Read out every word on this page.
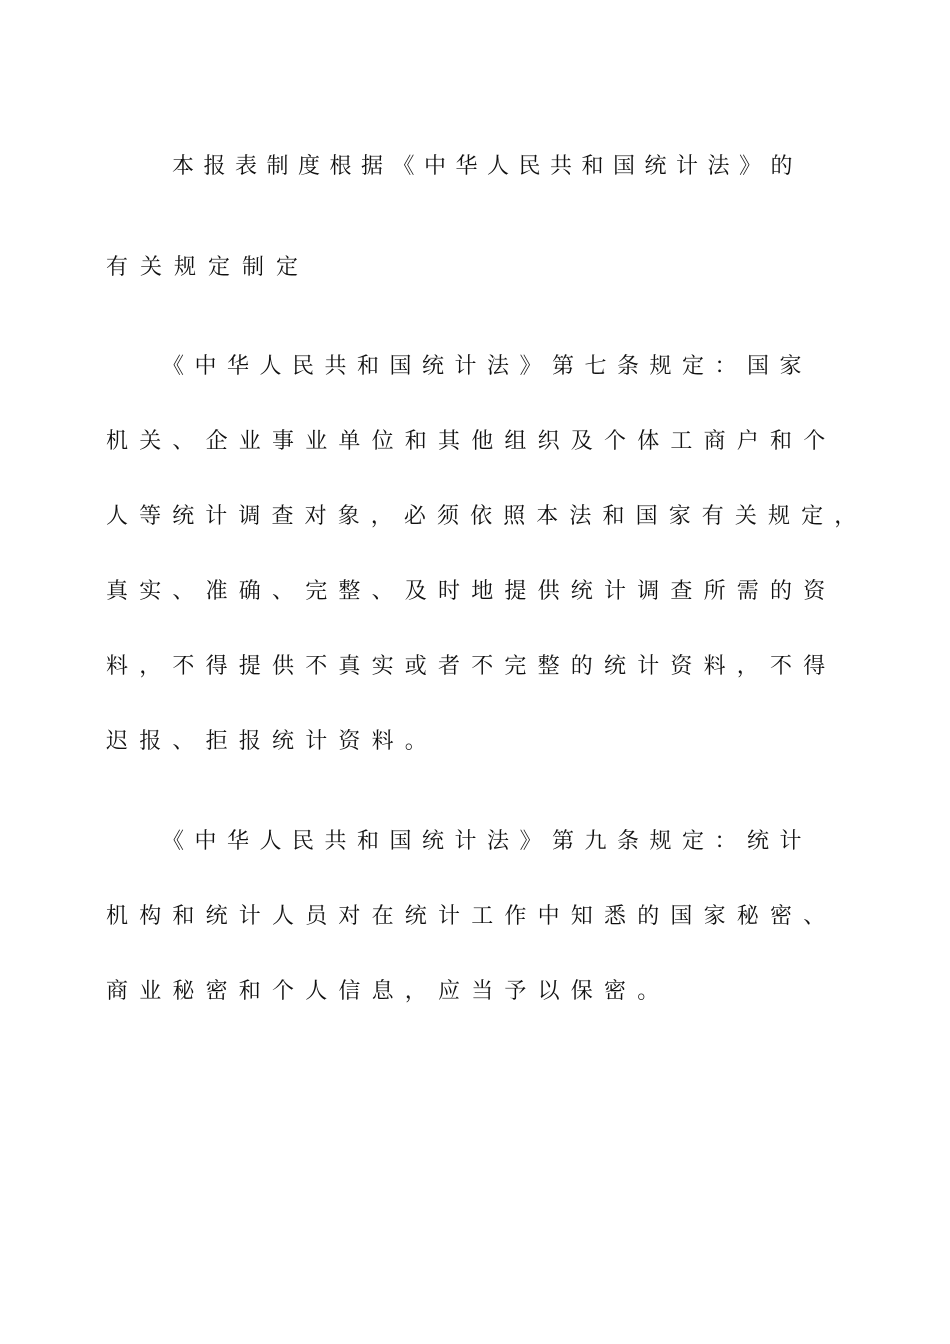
本报表制度根据《中华人民共和国统计法》的
有关规定制定
《中华人民共和国统计法》第七条规定：国家
机关、企业事业单位和其他组织及个体工商户和个
人等统计调查对象，必须依照本法和国家有关规定，
真实、准确、完整、及时地提供统计调查所需的资
料，不得提供不真实或者不完整的统计资料，不得
迟报、拒报统计资料。
《中华人民共和国统计法》第九条规定：统计
机构和统计人员对在统计工作中知悉的国家秘密、
商业秘密和个人信息，应当予以保密。
